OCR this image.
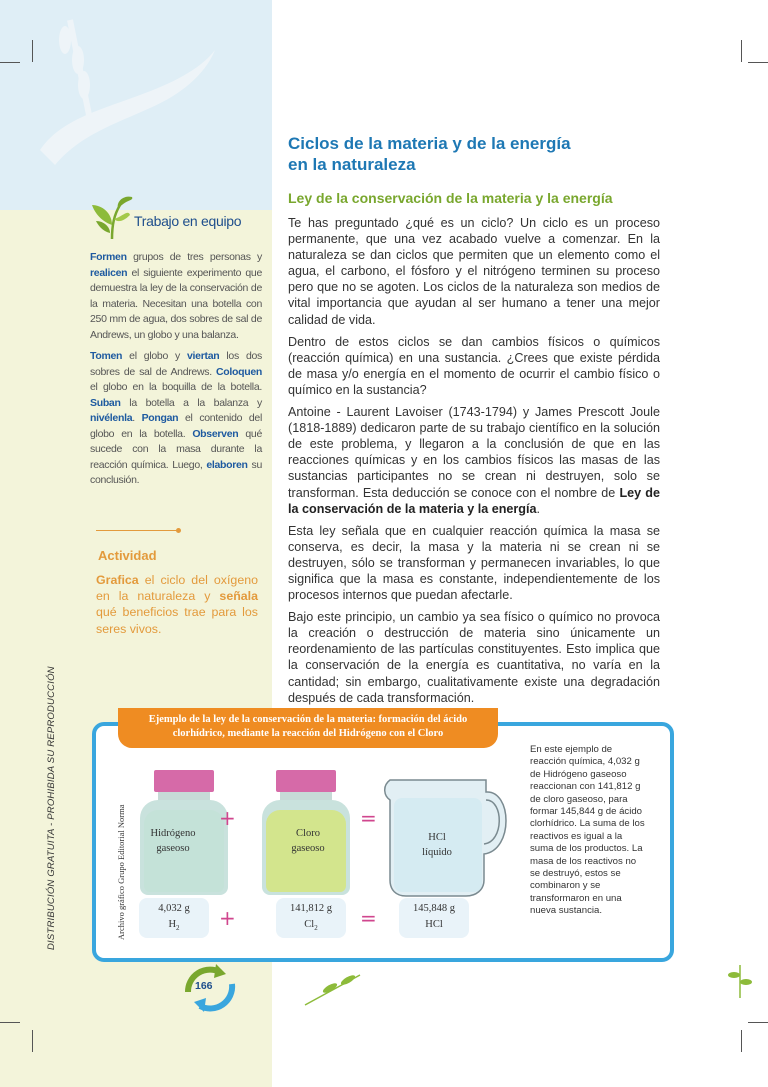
DISTRIBUCIÓN GRATUITA - PROHIBIDA SU REPRODUCCIÓN
Ciclos de la materia y de la energía
en la naturaleza
Ley de la conservación de la materia y la energía

Te has preguntado ¿qué es un ciclo? Un ciclo es un proceso permanente, que una vez acabado vuelve a comenzar. En la naturaleza se dan ciclos que permiten que un elemento como el agua, el carbono, el fósforo y el nitrógeno terminen su proceso pero que no se agoten. Los ciclos de la naturaleza son medios de vital importancia que ayudan al ser humano a tener una mejor calidad de vida.

Dentro de estos ciclos se dan cambios físicos o químicos (reacción química) en una sustancia. ¿Crees que existe pérdida de masa y/o energía en el momento de ocurrir el cambio físico o químico en la sustancia?

Antoine - Laurent Lavoiser (1743-1794) y James Prescott Joule (1818-1889) dedicaron parte de su trabajo científico en la solución de este problema, y llegaron a la conclusión de que en las reacciones químicas y en los cambios físicos las masas de las sustancias participantes no se crean ni destruyen, solo se transforman. Esta deducción se conoce con el nombre de Ley de la conservación de la materia y la energía.

Esta ley señala que en cualquier reacción química la masa se conserva, es decir, la masa y la materia ni se crean ni se destruyen, sólo se transforman y permanecen invariables, lo que significa que la masa es constante, independientemente de los procesos internos que puedan afectarle.

Bajo este principio, un cambio ya sea físico o químico no provoca la creación o destrucción de materia sino únicamente un reordenamiento de las partículas constituyentes. Esto implica que la conservación de la energía es cuantitativa, no varía en la cantidad; sin embargo, cualitativamente existe una degradación después de cada transformación.

Trabajo en equipo

Formen grupos de tres personas y realicen el siguiente experimento que demuestra la ley de la conservación de la materia. Necesitan una botella con 250 mm de agua, dos sobres de sal de Andrews, un globo y una balanza.

Tomen el globo y viertan los dos sobres de sal de Andrews. Coloquen el globo en la boquilla de la botella. Suban la botella a la balanza y nivélenla. Pongan el contenido del globo en la botella. Observen qué sucede con la masa durante la reacción química. Luego, elaboren su conclusión.

Actividad
Grafica el ciclo del oxígeno en la naturaleza y señala qué beneficios trae para los seres vivos.
Ejemplo de la ley de la conservación de la materia: formación del ácido
clorhídrico, mediante la reacción del Hidrógeno con el Cloro
Archivo gráfico Grupo Editorial Norma	Hidrógeno
gaseoso
+
Cloro
gaseoso
=
HCl
líquido
4,032 g
$H_2$	+	141,812 g
$Cl_2$	=	145,848 g
HCl
En este ejemplo de reacción química, 4,032 g de Hidrógeno gaseoso reaccionan con 141,812 g de cloro gaseoso, para formar 145,844 g de ácido clorhídrico. La suma de los reactivos es igual a la suma de los productos. La masa de los reactivos no se destruyó, estos se combinaron y se transformaron en una nueva sustancia.
166
